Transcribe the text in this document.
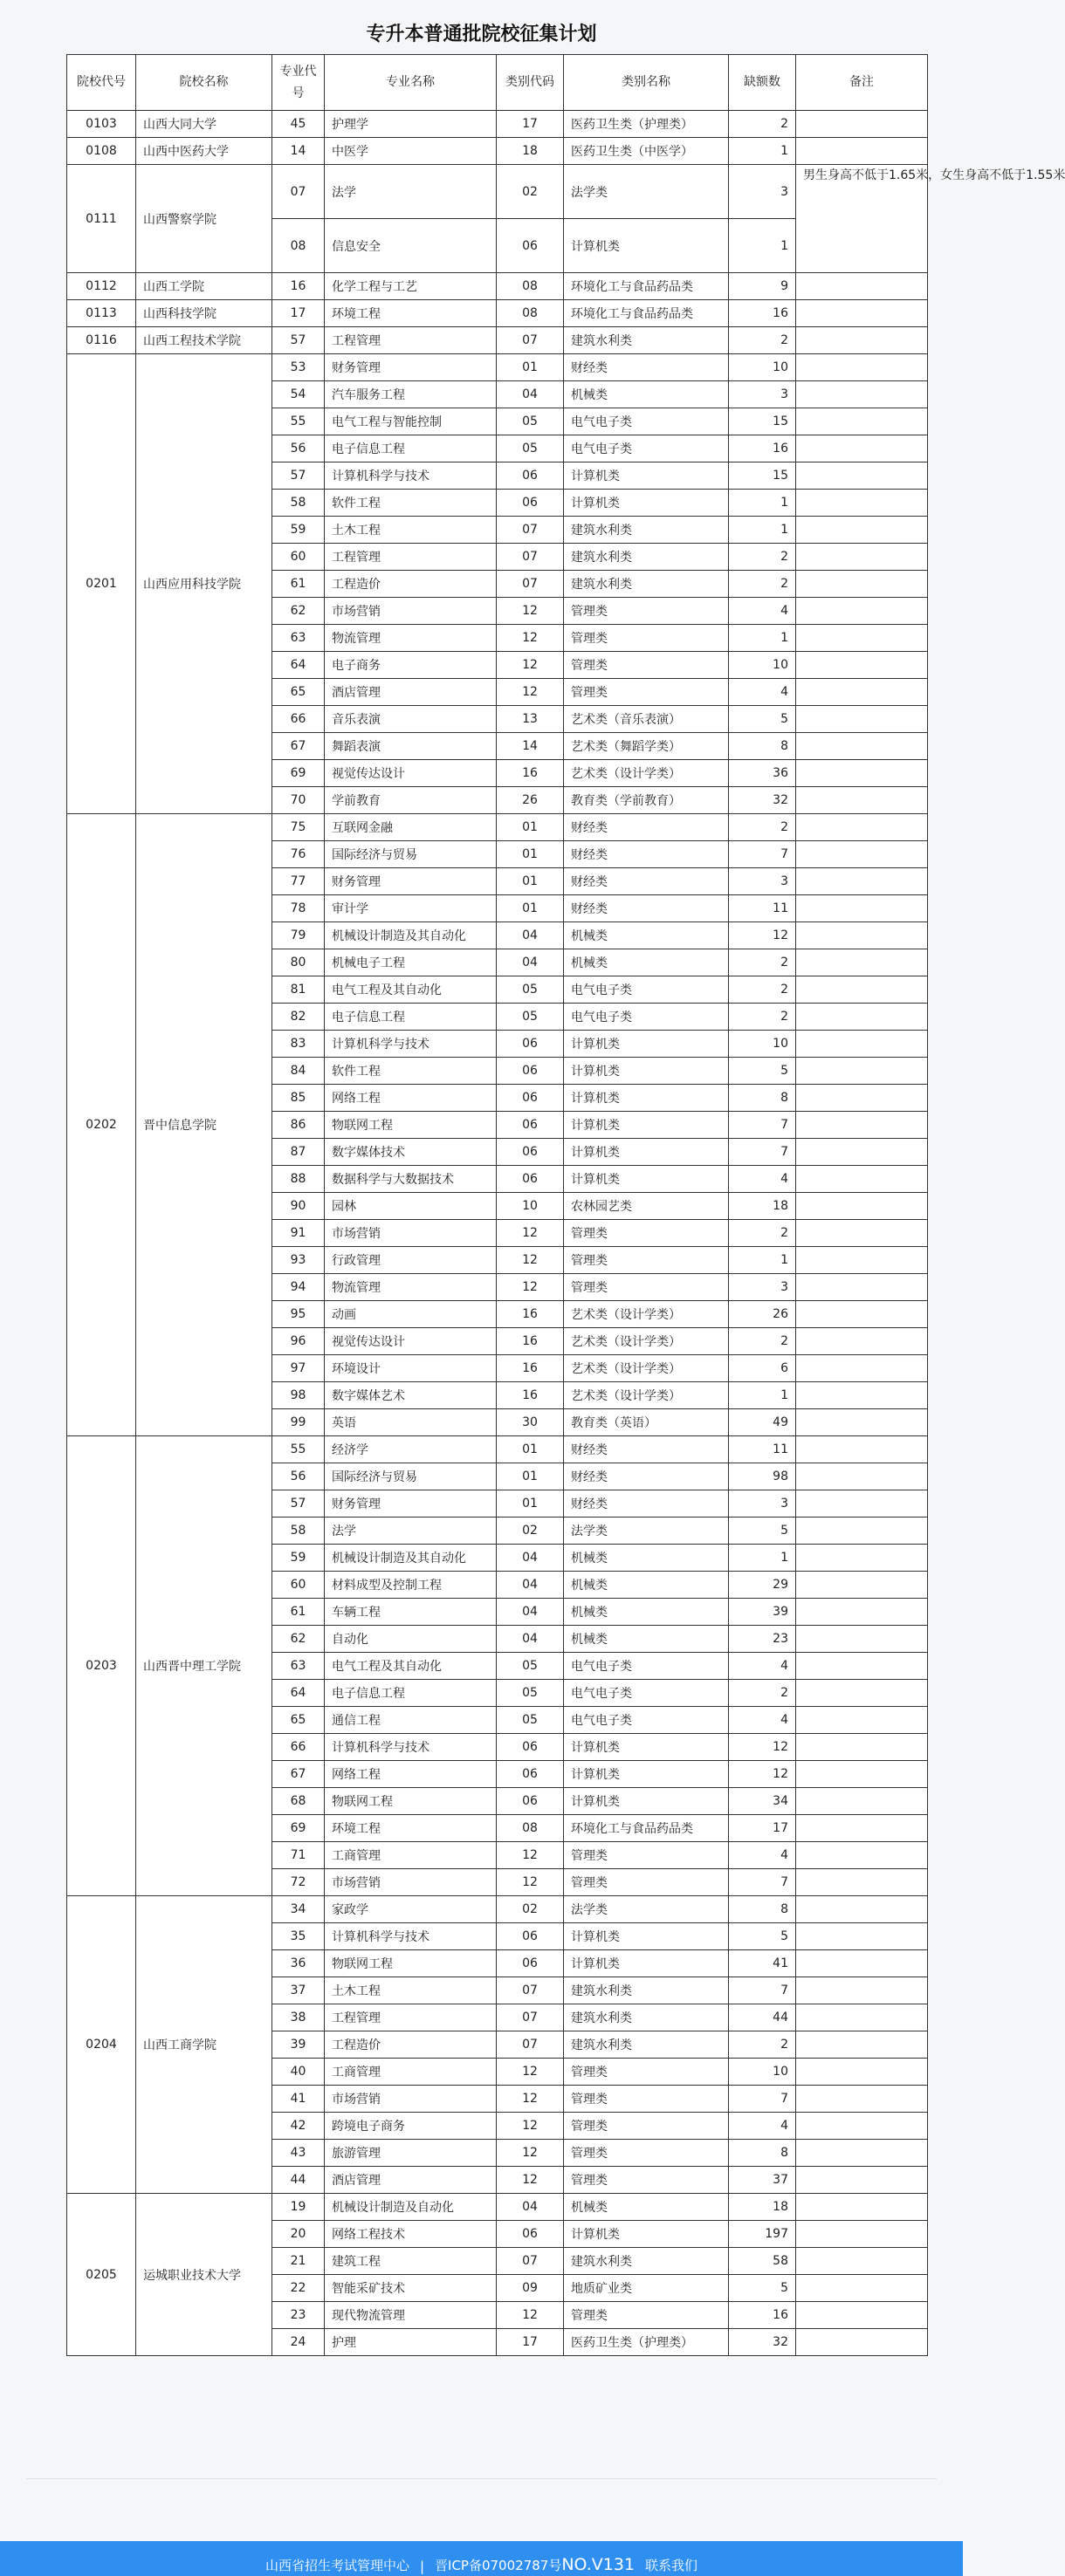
专升本普通批院校征集计划
院校代号	院校名称	专业代号	专业名称	类别代码	类别名称	缺额数	备注
0103	山西大同大学	45	护理学	17	医药卫生类（护理类）	2	
0108	山西中医药大学	14	中医学	18	医药卫生类（中医学）	1	
0111	山西警察学院	07	法学	02	法学类	3	男生身高不低于1.65米，女生身高不低于1.55米
		08	信息安全	06	计算机类	1	
0112	山西工学院	16	化学工程与工艺	08	环境化工与食品药品类	9	
0113	山西科技学院	17	环境工程	08	环境化工与食品药品类	16	
0116	山西工程技术学院	57	工程管理	07	建筑水利类	2	
0201	山西应用科技学院	53	财务管理	01	财经类	10	
		54	汽车服务工程	04	机械类	3	
		55	电气工程与智能控制	05	电气电子类	15	
		56	电子信息工程	05	电气电子类	16	
		57	计算机科学与技术	06	计算机类	15	
		58	软件工程	06	计算机类	1	
		59	土木工程	07	建筑水利类	1	
		60	工程管理	07	建筑水利类	2	
		61	工程造价	07	建筑水利类	2	
		62	市场营销	12	管理类	4	
		63	物流管理	12	管理类	1	
		64	电子商务	12	管理类	10	
		65	酒店管理	12	管理类	4	
		66	音乐表演	13	艺术类（音乐表演）	5	
		67	舞蹈表演	14	艺术类（舞蹈学类）	8	
		69	视觉传达设计	16	艺术类（设计学类）	36	
		70	学前教育	26	教育类（学前教育）	32	
0202	晋中信息学院	75	互联网金融	01	财经类	2	
		76	国际经济与贸易	01	财经类	7	
		77	财务管理	01	财经类	3	
		78	审计学	01	财经类	11	
		79	机械设计制造及其自动化	04	机械类	12	
		80	机械电子工程	04	机械类	2	
		81	电气工程及其自动化	05	电气电子类	2	
		82	电子信息工程	05	电气电子类	2	
		83	计算机科学与技术	06	计算机类	10	
		84	软件工程	06	计算机类	5	
		85	网络工程	06	计算机类	8	
		86	物联网工程	06	计算机类	7	
		87	数字媒体技术	06	计算机类	7	
		88	数据科学与大数据技术	06	计算机类	4	
		90	园林	10	农林园艺类	18	
		91	市场营销	12	管理类	2	
		93	行政管理	12	管理类	1	
		94	物流管理	12	管理类	3	
		95	动画	16	艺术类（设计学类）	26	
		96	视觉传达设计	16	艺术类（设计学类）	2	
		97	环境设计	16	艺术类（设计学类）	6	
		98	数字媒体艺术	16	艺术类（设计学类）	1	
		99	英语	30	教育类（英语）	49	
0203	山西晋中理工学院	55	经济学	01	财经类	11	
		56	国际经济与贸易	01	财经类	98	
		57	财务管理	01	财经类	3	
		58	法学	02	法学类	5	
		59	机械设计制造及其自动化	04	机械类	1	
		60	材料成型及控制工程	04	机械类	29	
		61	车辆工程	04	机械类	39	
		62	自动化	04	机械类	23	
		63	电气工程及其自动化	05	电气电子类	4	
		64	电子信息工程	05	电气电子类	2	
		65	通信工程	05	电气电子类	4	
		66	计算机科学与技术	06	计算机类	12	
		67	网络工程	06	计算机类	12	
		68	物联网工程	06	计算机类	34	
		69	环境工程	08	环境化工与食品药品类	17	
		71	工商管理	12	管理类	4	
		72	市场营销	12	管理类	7	
0204	山西工商学院	34	家政学	02	法学类	8	
		35	计算机科学与技术	06	计算机类	5	
		36	物联网工程	06	计算机类	41	
		37	土木工程	07	建筑水利类	7	
		38	工程管理	07	建筑水利类	44	
		39	工程造价	07	建筑水利类	2	
		40	工商管理	12	管理类	10	
		41	市场营销	12	管理类	7	
		42	跨境电子商务	12	管理类	4	
		43	旅游管理	12	管理类	8	
		44	酒店管理	12	管理类	37	
0205	运城职业技术大学	19	机械设计制造及自动化	04	机械类	18	
		20	网络工程技术	06	计算机类	197	
		21	建筑工程	07	建筑水利类	58	
		22	智能采矿技术	09	地质矿业类	5	
		23	现代物流管理	12	管理类	16	
		24	护理	17	医药卫生类（护理类）	32	
山西省招生考试管理中心 | 晋ICP备07002787号NO.V131 联系我们
